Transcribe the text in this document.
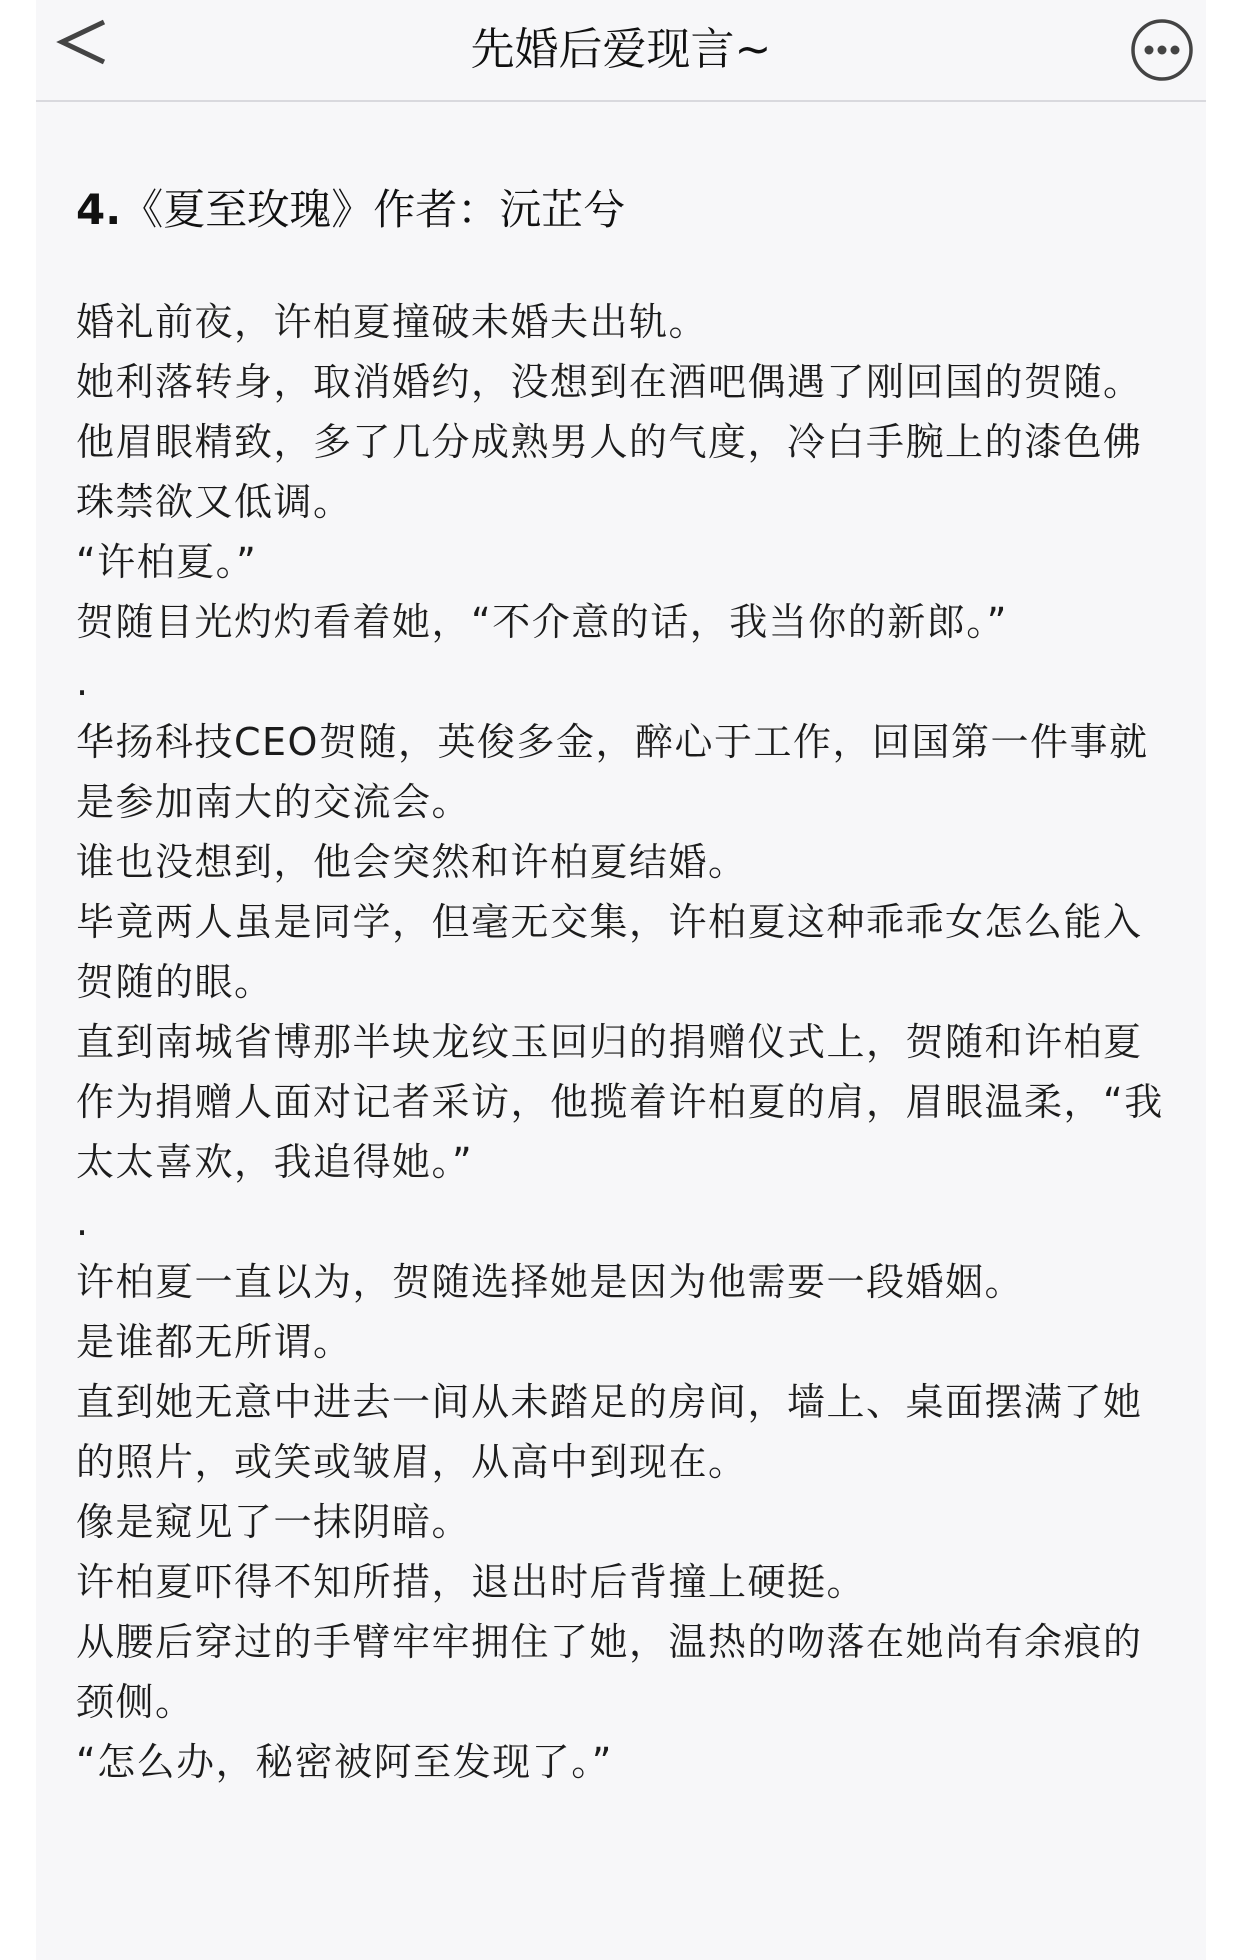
先婚后爱现言~
4.《夏至玫瑰》作者：沅芷兮

婚礼前夜，许柏夏撞破未婚夫出轨。

她利落转身，取消婚约，没想到在酒吧偶遇了刚回国的贺随。

他眉眼精致，多了几分成熟男人的气度，冷白手腕上的漆色佛珠禁欲又低调。

“许柏夏。”

贺随目光灼灼看着她，“不介意的话，我当你的新郎。”

.

华扬科技CEO贺随，英俊多金，醉心于工作，回国第一件事就是参加南大的交流会。

谁也没想到，他会突然和许柏夏结婚。

毕竟两人虽是同学，但毫无交集，许柏夏这种乖乖女怎么能入贺随的眼。

直到南城省博那半块龙纹玉回归的捐赠仪式上，贺随和许柏夏作为捐赠人面对记者采访，他揽着许柏夏的肩，眉眼温柔，“我太太喜欢，我追得她。”

.

许柏夏一直以为，贺随选择她是因为他需要一段婚姻。

是谁都无所谓。

直到她无意中进去一间从未踏足的房间，墙上、桌面摆满了她的照片，或笑或皱眉，从高中到现在。

像是窥见了一抹阴暗。

许柏夏吓得不知所措，退出时后背撞上硬挺。

从腰后穿过的手臂牢牢拥住了她，温热的吻落在她尚有余痕的颈侧。

“怎么办，秘密被阿至发现了。”
